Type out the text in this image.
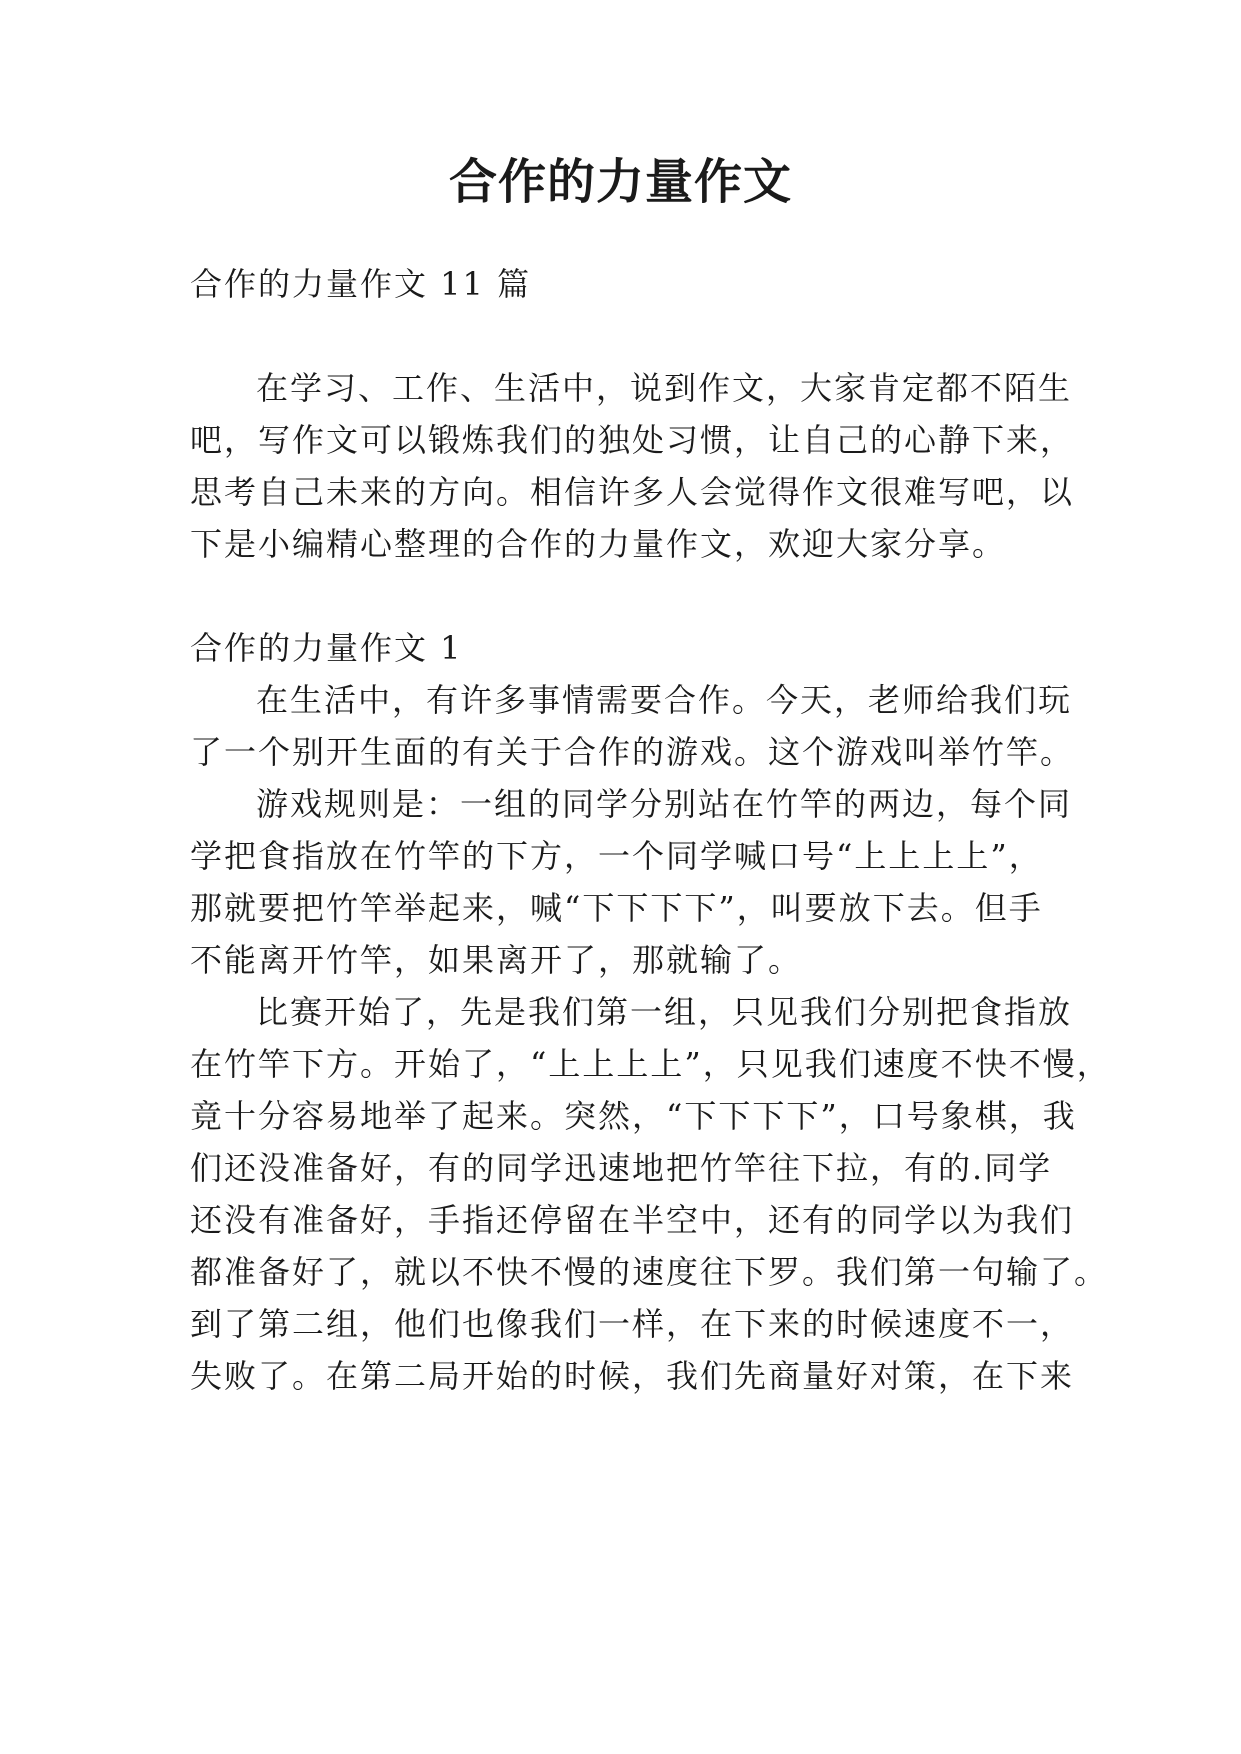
合作的力量作文
合作的力量作文 11 篇
在学习、工作、生活中，说到作文，大家肯定都不陌生
吧，写作文可以锻炼我们的独处习惯，让自己的心静下来，
思考自己未来的方向。相信许多人会觉得作文很难写吧，以
下是小编精心整理的合作的力量作文，欢迎大家分享。
合作的力量作文 1
在生活中，有许多事情需要合作。今天，老师给我们玩
了一个别开生面的有关于合作的游戏。这个游戏叫举竹竿。
游戏规则是：一组的同学分别站在竹竿的两边，每个同
学把食指放在竹竿的下方，一个同学喊口号“上上上上”，
那就要把竹竿举起来，喊“下下下下”，叫要放下去。但手
不能离开竹竿，如果离开了，那就输了。
比赛开始了，先是我们第一组，只见我们分别把食指放
在竹竿下方。开始了，“上上上上”，只见我们速度不快不慢，
竟十分容易地举了起来。突然，“下下下下”，口号象棋，我
们还没准备好，有的同学迅速地把竹竿往下拉，有的.同学
还没有准备好，手指还停留在半空中，还有的同学以为我们
都准备好了，就以不快不慢的速度往下罗。我们第一句输了。
到了第二组，他们也像我们一样，在下来的时候速度不一，
失败了。在第二局开始的时候，我们先商量好对策，在下来
